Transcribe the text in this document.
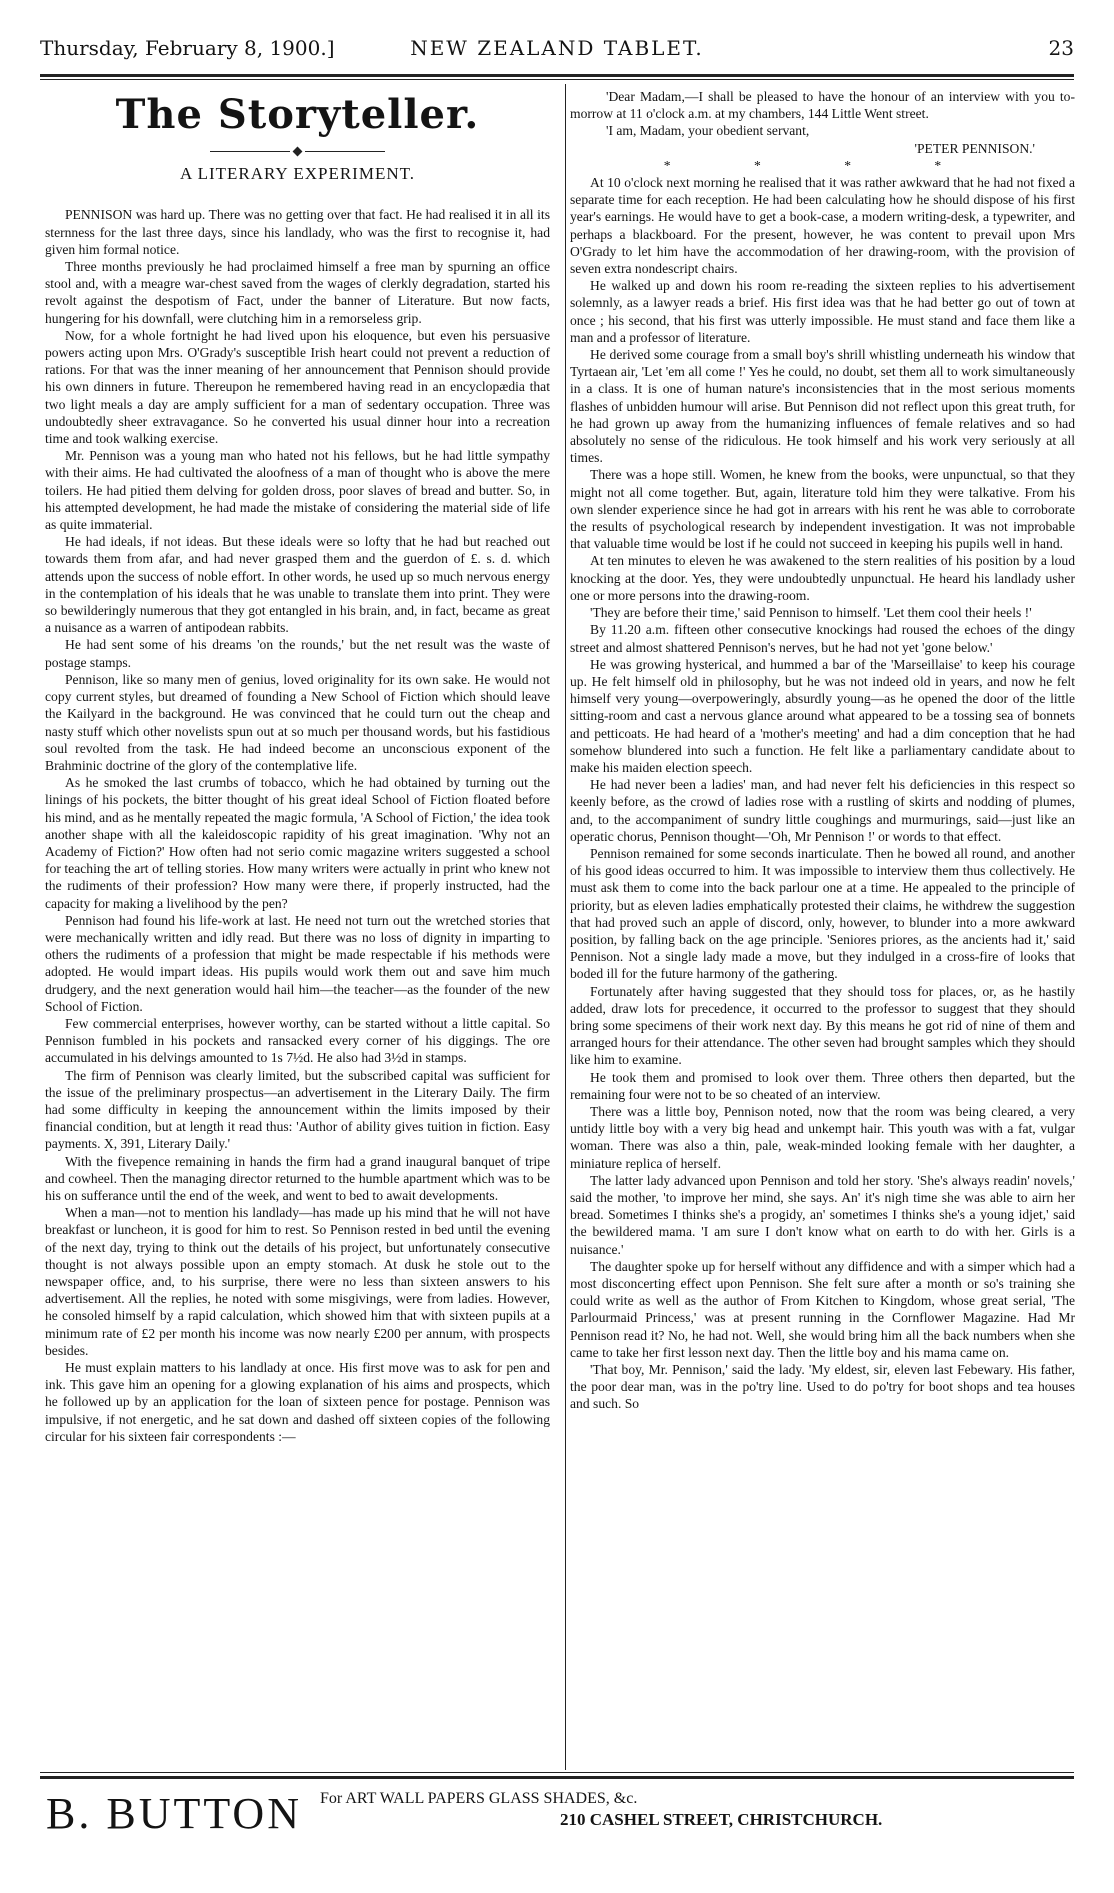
Thursday, February 8, 1900.]	NEW ZEALAND TABLET.	23
The Storyteller.
A LITERARY EXPERIMENT.

PENNISON was hard up. There was no getting over that fact. He had realised it in all its sternness for the last three days, since his landlady, who was the first to recognise it, had given him formal notice.

Three months previously he had proclaimed himself a free man by spurning an office stool and, with a meagre war-chest saved from the wages of clerkly degradation, started his revolt against the despotism of Fact, under the banner of Literature. But now facts, hungering for his downfall, were clutching him in a remorseless grip.

Now, for a whole fortnight he had lived upon his eloquence, but even his persuasive powers acting upon Mrs. O'Grady's susceptible Irish heart could not prevent a reduction of rations. For that was the inner meaning of her announcement that Pennison should provide his own dinners in future. Thereupon he remembered having read in an encyclopædia that two light meals a day are amply sufficient for a man of sedentary occupation. Three was undoubtedly sheer extravagance. So he converted his usual dinner hour into a recreation time and took walking exercise.

Mr. Pennison was a young man who hated not his fellows, but he had little sympathy with their aims. He had cultivated the aloofness of a man of thought who is above the mere toilers. He had pitied them delving for golden dross, poor slaves of bread and butter. So, in his attempted development, he had made the mistake of considering the material side of life as quite immaterial.

He had ideals, if not ideas. But these ideals were so lofty that he had but reached out towards them from afar, and had never grasped them and the guerdon of £. s. d. which attends upon the success of noble effort. In other words, he used up so much nervous energy in the contemplation of his ideals that he was unable to translate them into print. They were so bewilderingly numerous that they got entangled in his brain, and, in fact, became as great a nuisance as a warren of antipodean rabbits.

He had sent some of his dreams 'on the rounds,' but the net result was the waste of postage stamps.

Pennison, like so many men of genius, loved originality for its own sake. He would not copy current styles, but dreamed of founding a New School of Fiction which should leave the Kailyard in the background. He was convinced that he could turn out the cheap and nasty stuff which other novelists spun out at so much per thousand words, but his fastidious soul revolted from the task. He had indeed become an unconscious exponent of the Brahminic doctrine of the glory of the contemplative life.

As he smoked the last crumbs of tobacco, which he had obtained by turning out the linings of his pockets, the bitter thought of his great ideal School of Fiction floated before his mind, and as he mentally repeated the magic formula, 'A School of Fiction,' the idea took another shape with all the kaleidoscopic rapidity of his great imagination. 'Why not an Academy of Fiction?' How often had not serio comic magazine writers suggested a school for teaching the art of telling stories. How many writers were actually in print who knew not the rudiments of their profession? How many were there, if properly instructed, had the capacity for making a livelihood by the pen?

Pennison had found his life-work at last. He need not turn out the wretched stories that were mechanically written and idly read. But there was no loss of dignity in imparting to others the rudiments of a profession that might be made respectable if his methods were adopted. He would impart ideas. His pupils would work them out and save him much drudgery, and the next generation would hail him—the teacher—as the founder of the new School of Fiction.

Few commercial enterprises, however worthy, can be started without a little capital. So Pennison fumbled in his pockets and ransacked every corner of his diggings. The ore accumulated in his delvings amounted to 1s 7½d. He also had 3½d in stamps.

The firm of Pennison was clearly limited, but the subscribed capital was sufficient for the issue of the preliminary prospectus—an advertisement in the Literary Daily. The firm had some difficulty in keeping the announcement within the limits imposed by their financial condition, but at length it read thus: 'Author of ability gives tuition in fiction. Easy payments. X, 391, Literary Daily.'

With the fivepence remaining in hands the firm had a grand inaugural banquet of tripe and cowheel. Then the managing director returned to the humble apartment which was to be his on sufferance until the end of the week, and went to bed to await developments.

When a man—not to mention his landlady—has made up his mind that he will not have breakfast or luncheon, it is good for him to rest. So Pennison rested in bed until the evening of the next day, trying to think out the details of his project, but unfortunately consecutive thought is not always possible upon an empty stomach. At dusk he stole out to the newspaper office, and, to his surprise, there were no less than sixteen answers to his advertisement. All the replies, he noted with some misgivings, were from ladies. However, he consoled himself by a rapid calculation, which showed him that with sixteen pupils at a minimum rate of £2 per month his income was now nearly £200 per annum, with prospects besides.

He must explain matters to his landlady at once. His first move was to ask for pen and ink. This gave him an opening for a glowing explanation of his aims and prospects, which he followed up by an application for the loan of sixteen pence for postage. Pennison was impulsive, if not energetic, and he sat down and dashed off sixteen copies of the following circular for his sixteen fair correspondents :—

'Dear Madam,—I shall be pleased to have the honour of an interview with you to-morrow at 11 o'clock a.m. at my chambers, 144 Little Went street.

'I am, Madam, your obedient servant,

'PETER PENNISON.'

* * * *

At 10 o'clock next morning he realised that it was rather awkward that he had not fixed a separate time for each reception. He had been calculating how he should dispose of his first year's earnings. He would have to get a book-case, a modern writing-desk, a typewriter, and perhaps a blackboard. For the present, however, he was content to prevail upon Mrs O'Grady to let him have the accommodation of her drawing-room, with the provision of seven extra nondescript chairs.

He walked up and down his room re-reading the sixteen replies to his advertisement solemnly, as a lawyer reads a brief. His first idea was that he had better go out of town at once ; his second, that his first was utterly impossible. He must stand and face them like a man and a professor of literature.

He derived some courage from a small boy's shrill whistling underneath his window that Tyrtaean air, 'Let 'em all come !' Yes he could, no doubt, set them all to work simultaneously in a class. It is one of human nature's inconsistencies that in the most serious moments flashes of unbidden humour will arise. But Pennison did not reflect upon this great truth, for he had grown up away from the humanizing influences of female relatives and so had absolutely no sense of the ridiculous. He took himself and his work very seriously at all times.

There was a hope still. Women, he knew from the books, were unpunctual, so that they might not all come together. But, again, literature told him they were talkative. From his own slender experience since he had got in arrears with his rent he was able to corroborate the results of psychological research by independent investigation. It was not improbable that valuable time would be lost if he could not succeed in keeping his pupils well in hand.

At ten minutes to eleven he was awakened to the stern realities of his position by a loud knocking at the door. Yes, they were undoubtedly unpunctual. He heard his landlady usher one or more persons into the drawing-room.

'They are before their time,' said Pennison to himself. 'Let them cool their heels !'

By 11.20 a.m. fifteen other consecutive knockings had roused the echoes of the dingy street and almost shattered Pennison's nerves, but he had not yet 'gone below.'

He was growing hysterical, and hummed a bar of the 'Marseillaise' to keep his courage up. He felt himself old in philosophy, but he was not indeed old in years, and now he felt himself very young—overpoweringly, absurdly young—as he opened the door of the little sitting-room and cast a nervous glance around what appeared to be a tossing sea of bonnets and petticoats. He had heard of a 'mother's meeting' and had a dim conception that he had somehow blundered into such a function. He felt like a parliamentary candidate about to make his maiden election speech.

He had never been a ladies' man, and had never felt his deficiencies in this respect so keenly before, as the crowd of ladies rose with a rustling of skirts and nodding of plumes, and, to the accompaniment of sundry little coughings and murmurings, said—just like an operatic chorus, Pennison thought—'Oh, Mr Pennison !' or words to that effect.

Pennison remained for some seconds inarticulate. Then he bowed all round, and another of his good ideas occurred to him. It was impossible to interview them thus collectively. He must ask them to come into the back parlour one at a time. He appealed to the principle of priority, but as eleven ladies emphatically protested their claims, he withdrew the suggestion that had proved such an apple of discord, only, however, to blunder into a more awkward position, by falling back on the age principle. 'Seniores priores, as the ancients had it,' said Pennison. Not a single lady made a move, but they indulged in a cross-fire of looks that boded ill for the future harmony of the gathering.

Fortunately after having suggested that they should toss for places, or, as he hastily added, draw lots for precedence, it occurred to the professor to suggest that they should bring some specimens of their work next day. By this means he got rid of nine of them and arranged hours for their attendance. The other seven had brought samples which they should like him to examine.

He took them and promised to look over them. Three others then departed, but the remaining four were not to be so cheated of an interview.

There was a little boy, Pennison noted, now that the room was being cleared, a very untidy little boy with a very big head and unkempt hair. This youth was with a fat, vulgar woman. There was also a thin, pale, weak-minded looking female with her daughter, a miniature replica of herself.

The latter lady advanced upon Pennison and told her story. 'She's always readin' novels,' said the mother, 'to improve her mind, she says. An' it's nigh time she was able to airn her bread. Sometimes I thinks she's a progidy, an' sometimes I thinks she's a young idjet,' said the bewildered mama. 'I am sure I don't know what on earth to do with her. Girls is a nuisance.'

The daughter spoke up for herself without any diffidence and with a simper which had a most disconcerting effect upon Pennison. She felt sure after a month or so's training she could write as well as the author of From Kitchen to Kingdom, whose great serial, 'The Parlourmaid Princess,' was at present running in the Cornflower Magazine. Had Mr Pennison read it? No, he had not. Well, she would bring him all the back numbers when she came to take her first lesson next day. Then the little boy and his mama came on.

'That boy, Mr. Pennison,' said the lady. 'My eldest, sir, eleven last Febewary. His father, the poor dear man, was in the po'try line. Used to do po'try for boot shops and tea houses and such. So

B. BUTTON For ART WALL PAPERS GLASS SHADES, &c.
210 CASHEL STREET, CHRISTCHURCH.
